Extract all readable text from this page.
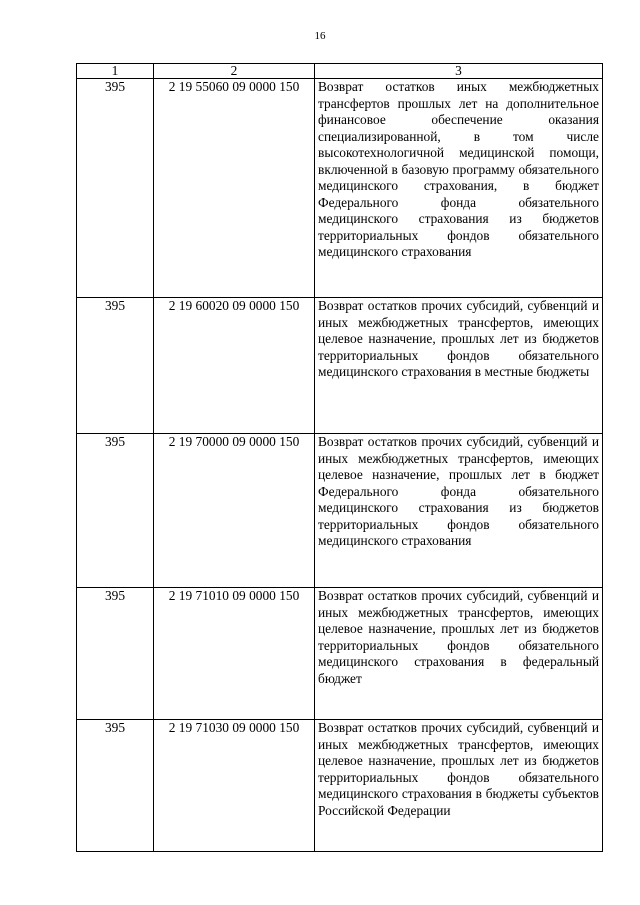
16
1	2	3
395	2 19 55060 09 0000 150	Возврат остатков иных межбюджетных трансфертов прошлых лет на дополнительное финансовое обеспечение оказания специализированной, в том числе высокотехнологичной медицинской помощи, включенной в базовую программу обязательного медицинского страхования, в бюджет Федерального фонда обязательного медицинского страхования из бюджетов территориальных фондов обязательного медицинского страхования
395	2 19 60020 09 0000 150	Возврат остатков прочих субсидий, субвенций и иных межбюджетных трансфертов, имеющих целевое назначение, прошлых лет из бюджетов территориальных фондов обязательного медицинского страхования в местные бюджеты
395	2 19 70000 09 0000 150	Возврат остатков прочих субсидий, субвенций и иных межбюджетных трансфертов, имеющих целевое назначение, прошлых лет в бюджет Федерального фонда обязательного медицинского страхования из бюджетов территориальных фондов обязательного медицинского страхования
395	2 19 71010 09 0000 150	Возврат остатков прочих субсидий, субвенций и иных межбюджетных трансфертов, имеющих целевое назначение, прошлых лет из бюджетов территориальных фондов обязательного медицинского страхования в федеральный бюджет
395	2 19 71030 09 0000 150	Возврат остатков прочих субсидий, субвенций и иных межбюджетных трансфертов, имеющих целевое назначение, прошлых лет из бюджетов территориальных фондов обязательного медицинского страхования в бюджеты субъектов Российской Федерации
